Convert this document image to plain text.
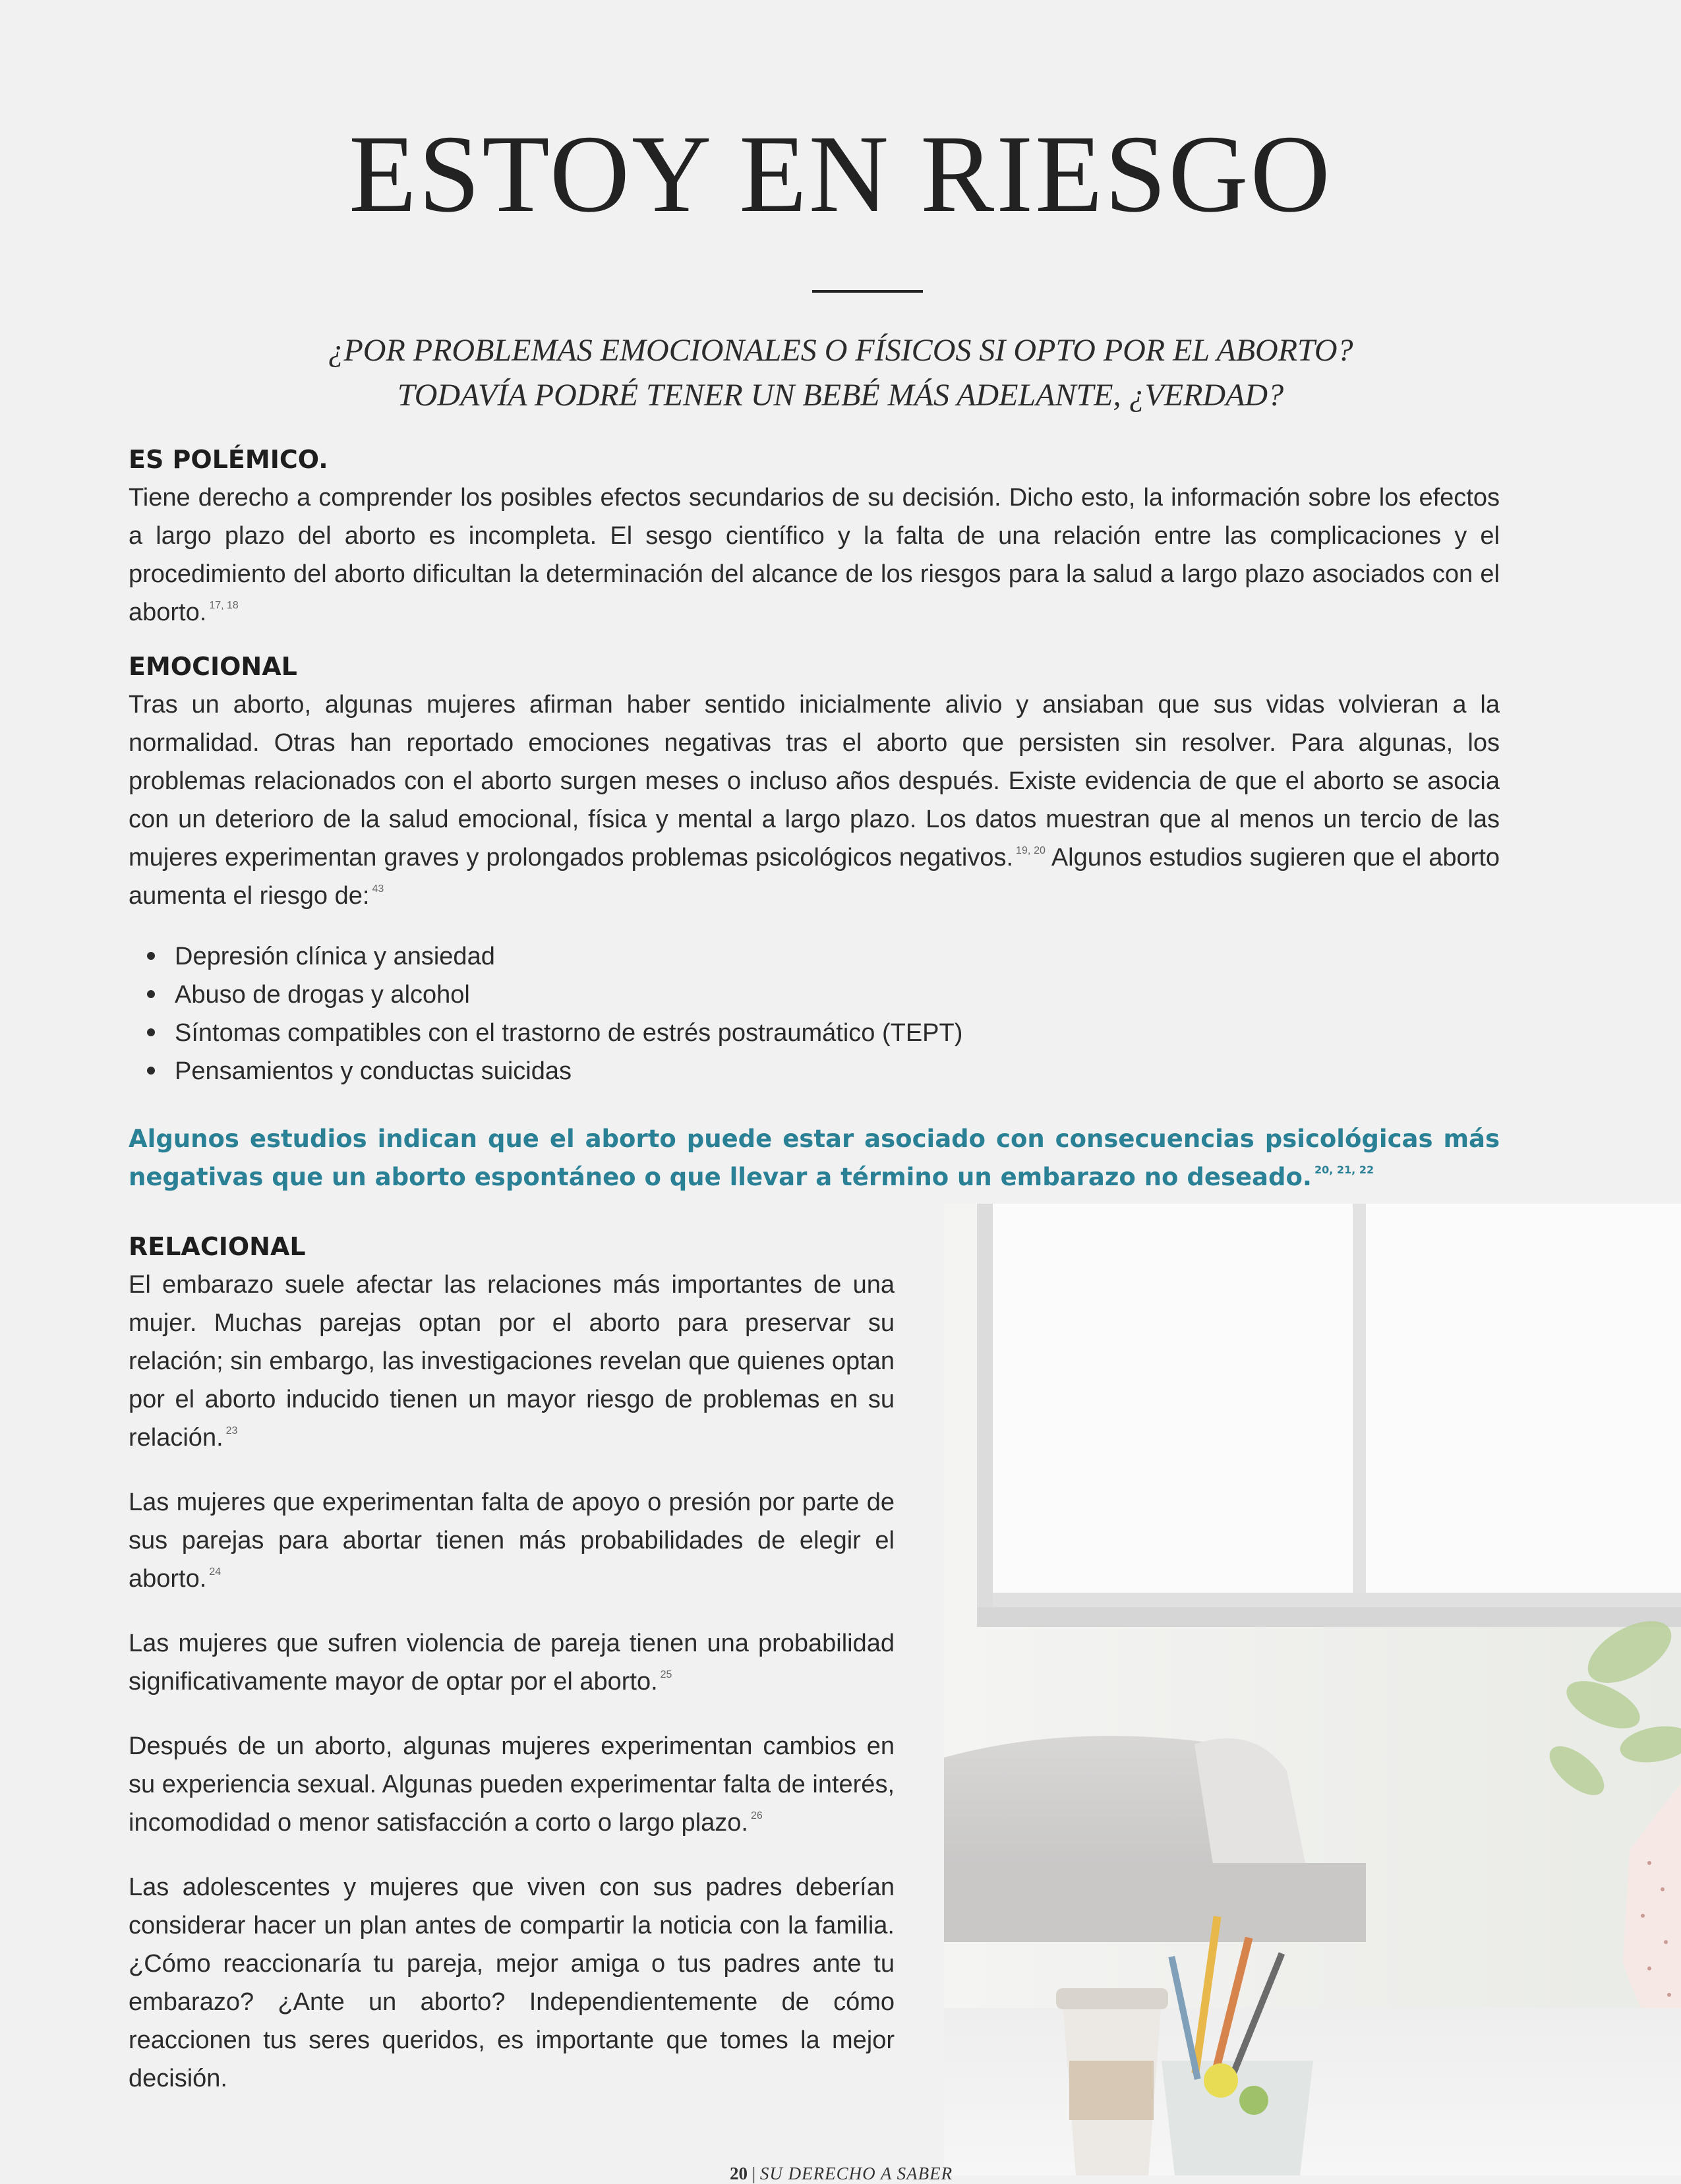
ESTOY EN RIESGO
¿POR PROBLEMAS EMOCIONALES O FÍSICOS SI OPTO POR EL ABORTO?
TODAVÍA PODRÉ TENER UN BEBÉ MÁS ADELANTE, ¿VERDAD?
ES POLÉMICO.
Tiene derecho a comprender los posibles efectos secundarios de su decisión. Dicho esto, la información sobre los efectos a largo plazo del aborto es incompleta. El sesgo científico y la falta de una relación entre las complicaciones y el procedimiento del aborto dificultan la determinación del alcance de los riesgos para la salud a largo plazo asociados con el aborto. $^{17, 18}$
EMOCIONAL
Tras un aborto, algunas mujeres afirman haber sentido inicialmente alivio y ansiaban que sus vidas volvieran a la normalidad. Otras han reportado emociones negativas tras el aborto que persisten sin resolver. Para algunas, los problemas relacionados con el aborto surgen meses o incluso años después. Existe evidencia de que el aborto se asocia con un deterioro de la salud emocional, física y mental a largo plazo. Los datos muestran que al menos un tercio de las mujeres experimentan graves y prolongados problemas psicológicos negativos. $^{19, 20}$ Algunos estudios sugieren que el aborto aumenta el riesgo de: $^{43}$
Depresión clínica y ansiedad
Abuso de drogas y alcohol
Síntomas compatibles con el trastorno de estrés postraumático (TEPT)
Pensamientos y conductas suicidas
Algunos estudios indican que el aborto puede estar asociado con consecuencias psicológicas más negativas que un aborto espontáneo o que llevar a término un embarazo no deseado. $^{20, 21, 22}$
RELACIONAL

El embarazo suele afectar las relaciones más importantes de una mujer. Muchas parejas optan por el aborto para preservar su relación; sin embargo, las investigaciones revelan que quienes optan por el aborto inducido tienen un mayor riesgo de problemas en su relación. $^{23}$

Las mujeres que experimentan falta de apoyo o presión por parte de sus parejas para abortar tienen más probabilidades de elegir el aborto. $^{24}$

Las mujeres que sufren violencia de pareja tienen una probabilidad significativamente mayor de optar por el aborto. $^{25}$

Después de un aborto, algunas mujeres experimentan cambios en su experiencia sexual. Algunas pueden experimentar falta de interés, incomodidad o menor satisfacción a corto o largo plazo. $^{26}$

Las adolescentes y mujeres que viven con sus padres deberían considerar hacer un plan antes de compartir la noticia con la familia. ¿Cómo reaccionaría tu pareja, mejor amiga o tus padres ante tu embarazo? ¿Ante un aborto? Independientemente de cómo reaccionen tus seres queridos, es importante que tomes la mejor decisión.

20 | SU DERECHO A SABER
